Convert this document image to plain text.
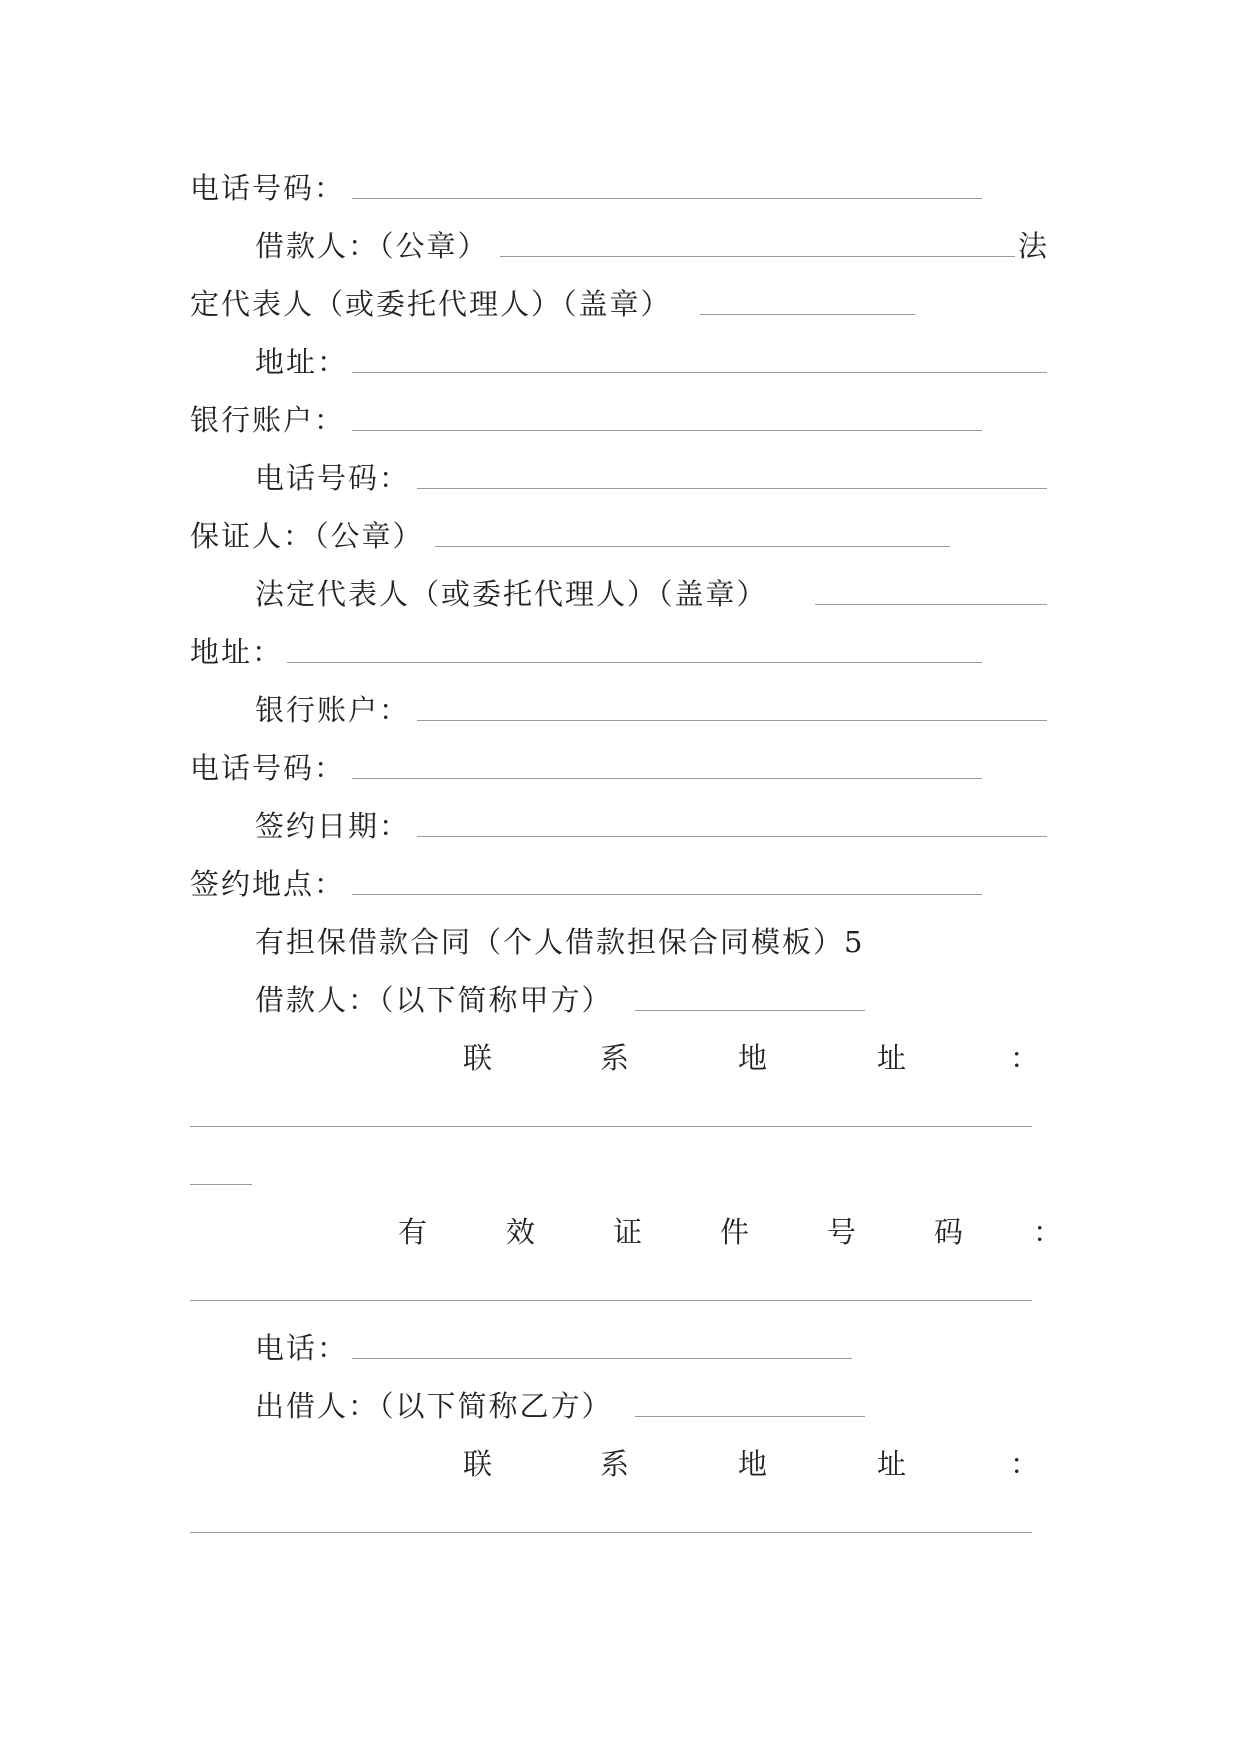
电话号码：
借款人：（公章）	法
定代表人（或委托代理人）（盖章）
地址：
银行账户：
电话号码：
保证人：（公章）
法定代表人（或委托代理人）（盖章）
地址：
银行账户：
电话号码：
签约日期：
签约地点：
有担保借款合同（个人借款担保合同模板）5
借款人：（以下简称甲方）
联	系	地	址	：
有	效	证	件	号	码 ：
电话：
出借人：（以下简称乙方）
联	系	地	址	：
